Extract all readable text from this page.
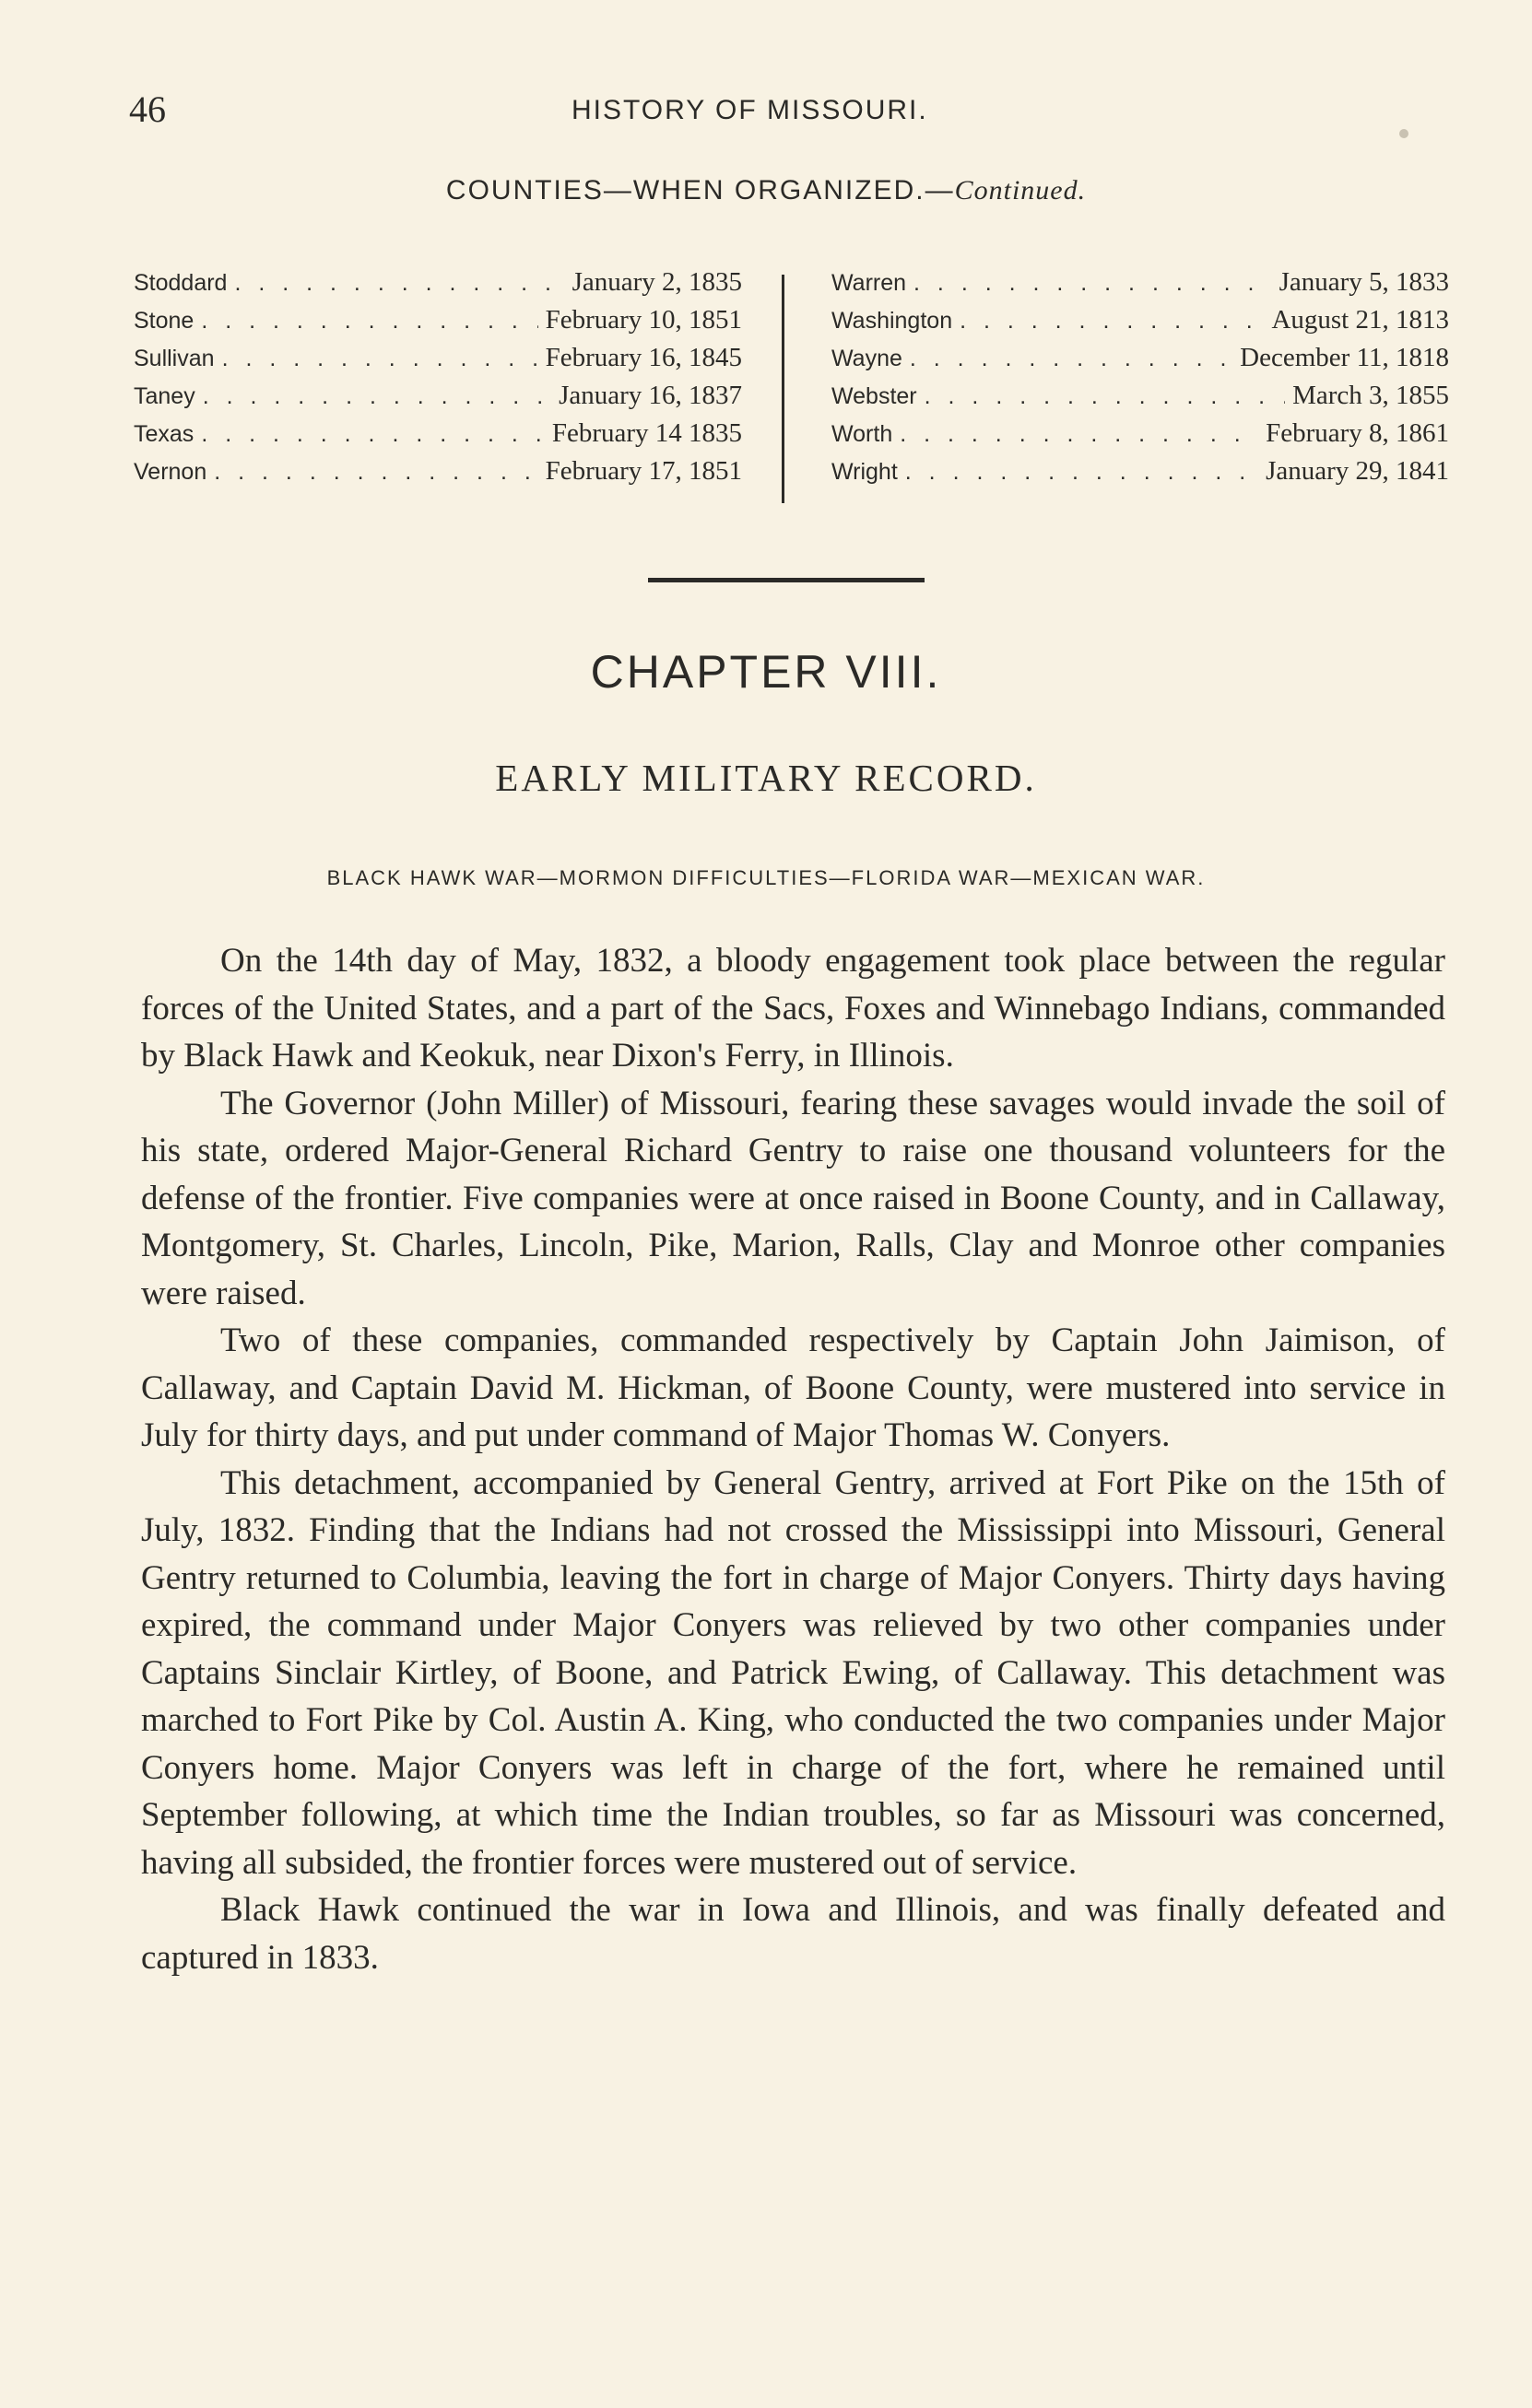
46	HISTORY OF MISSOURI.
COUNTIES—WHEN ORGANIZED.—Continued.
Stoddard . . .	January 2, 1835
Stone . . .	February 10, 1851
Sullivan . . .	February 16, 1845
Taney . . .	January 16, 1837
Texas . . .	February 14 1835
Vernon . . .	February 17, 1851
Warren . . .	January 5, 1833
Washington . . .	August 21, 1813
Wayne . . .	December 11, 1818
Webster . . .	March 3, 1855
Worth . . .	February 8, 1861
Wright . . .	January 29, 1841
CHAPTER VIII.
EARLY MILITARY RECORD.
BLACK HAWK WAR—MORMON DIFFICULTIES—FLORIDA WAR—MEXICAN WAR.

On the 14th day of May, 1832, a bloody engagement took place between the regular forces of the United States, and a part of the Sacs, Foxes and Winnebago Indians, commanded by Black Hawk and Keokuk, near Dixon's Ferry, in Illinois.

The Governor (John Miller) of Missouri, fearing these savages would invade the soil of his state, ordered Major-General Richard Gentry to raise one thousand volunteers for the defense of the frontier. Five companies were at once raised in Boone County, and in Callaway, Montgomery, St. Charles, Lincoln, Pike, Marion, Ralls, Clay and Monroe other companies were raised.

Two of these companies, commanded respectively by Captain John Jaimison, of Callaway, and Captain David M. Hickman, of Boone County, were mustered into service in July for thirty days, and put under command of Major Thomas W. Conyers.

This detachment, accompanied by General Gentry, arrived at Fort Pike on the 15th of July, 1832. Finding that the Indians had not crossed the Mississippi into Missouri, General Gentry returned to Columbia, leaving the fort in charge of Major Conyers. Thirty days having expired, the command under Major Conyers was relieved by two other companies under Captains Sinclair Kirtley, of Boone, and Patrick Ewing, of Callaway. This detachment was marched to Fort Pike by Col. Austin A. King, who conducted the two companies under Major Conyers home. Major Conyers was left in charge of the fort, where he remained until September following, at which time the Indian troubles, so far as Missouri was concerned, having all subsided, the frontier forces were mustered out of service.

Black Hawk continued the war in Iowa and Illinois, and was finally defeated and captured in 1833.
